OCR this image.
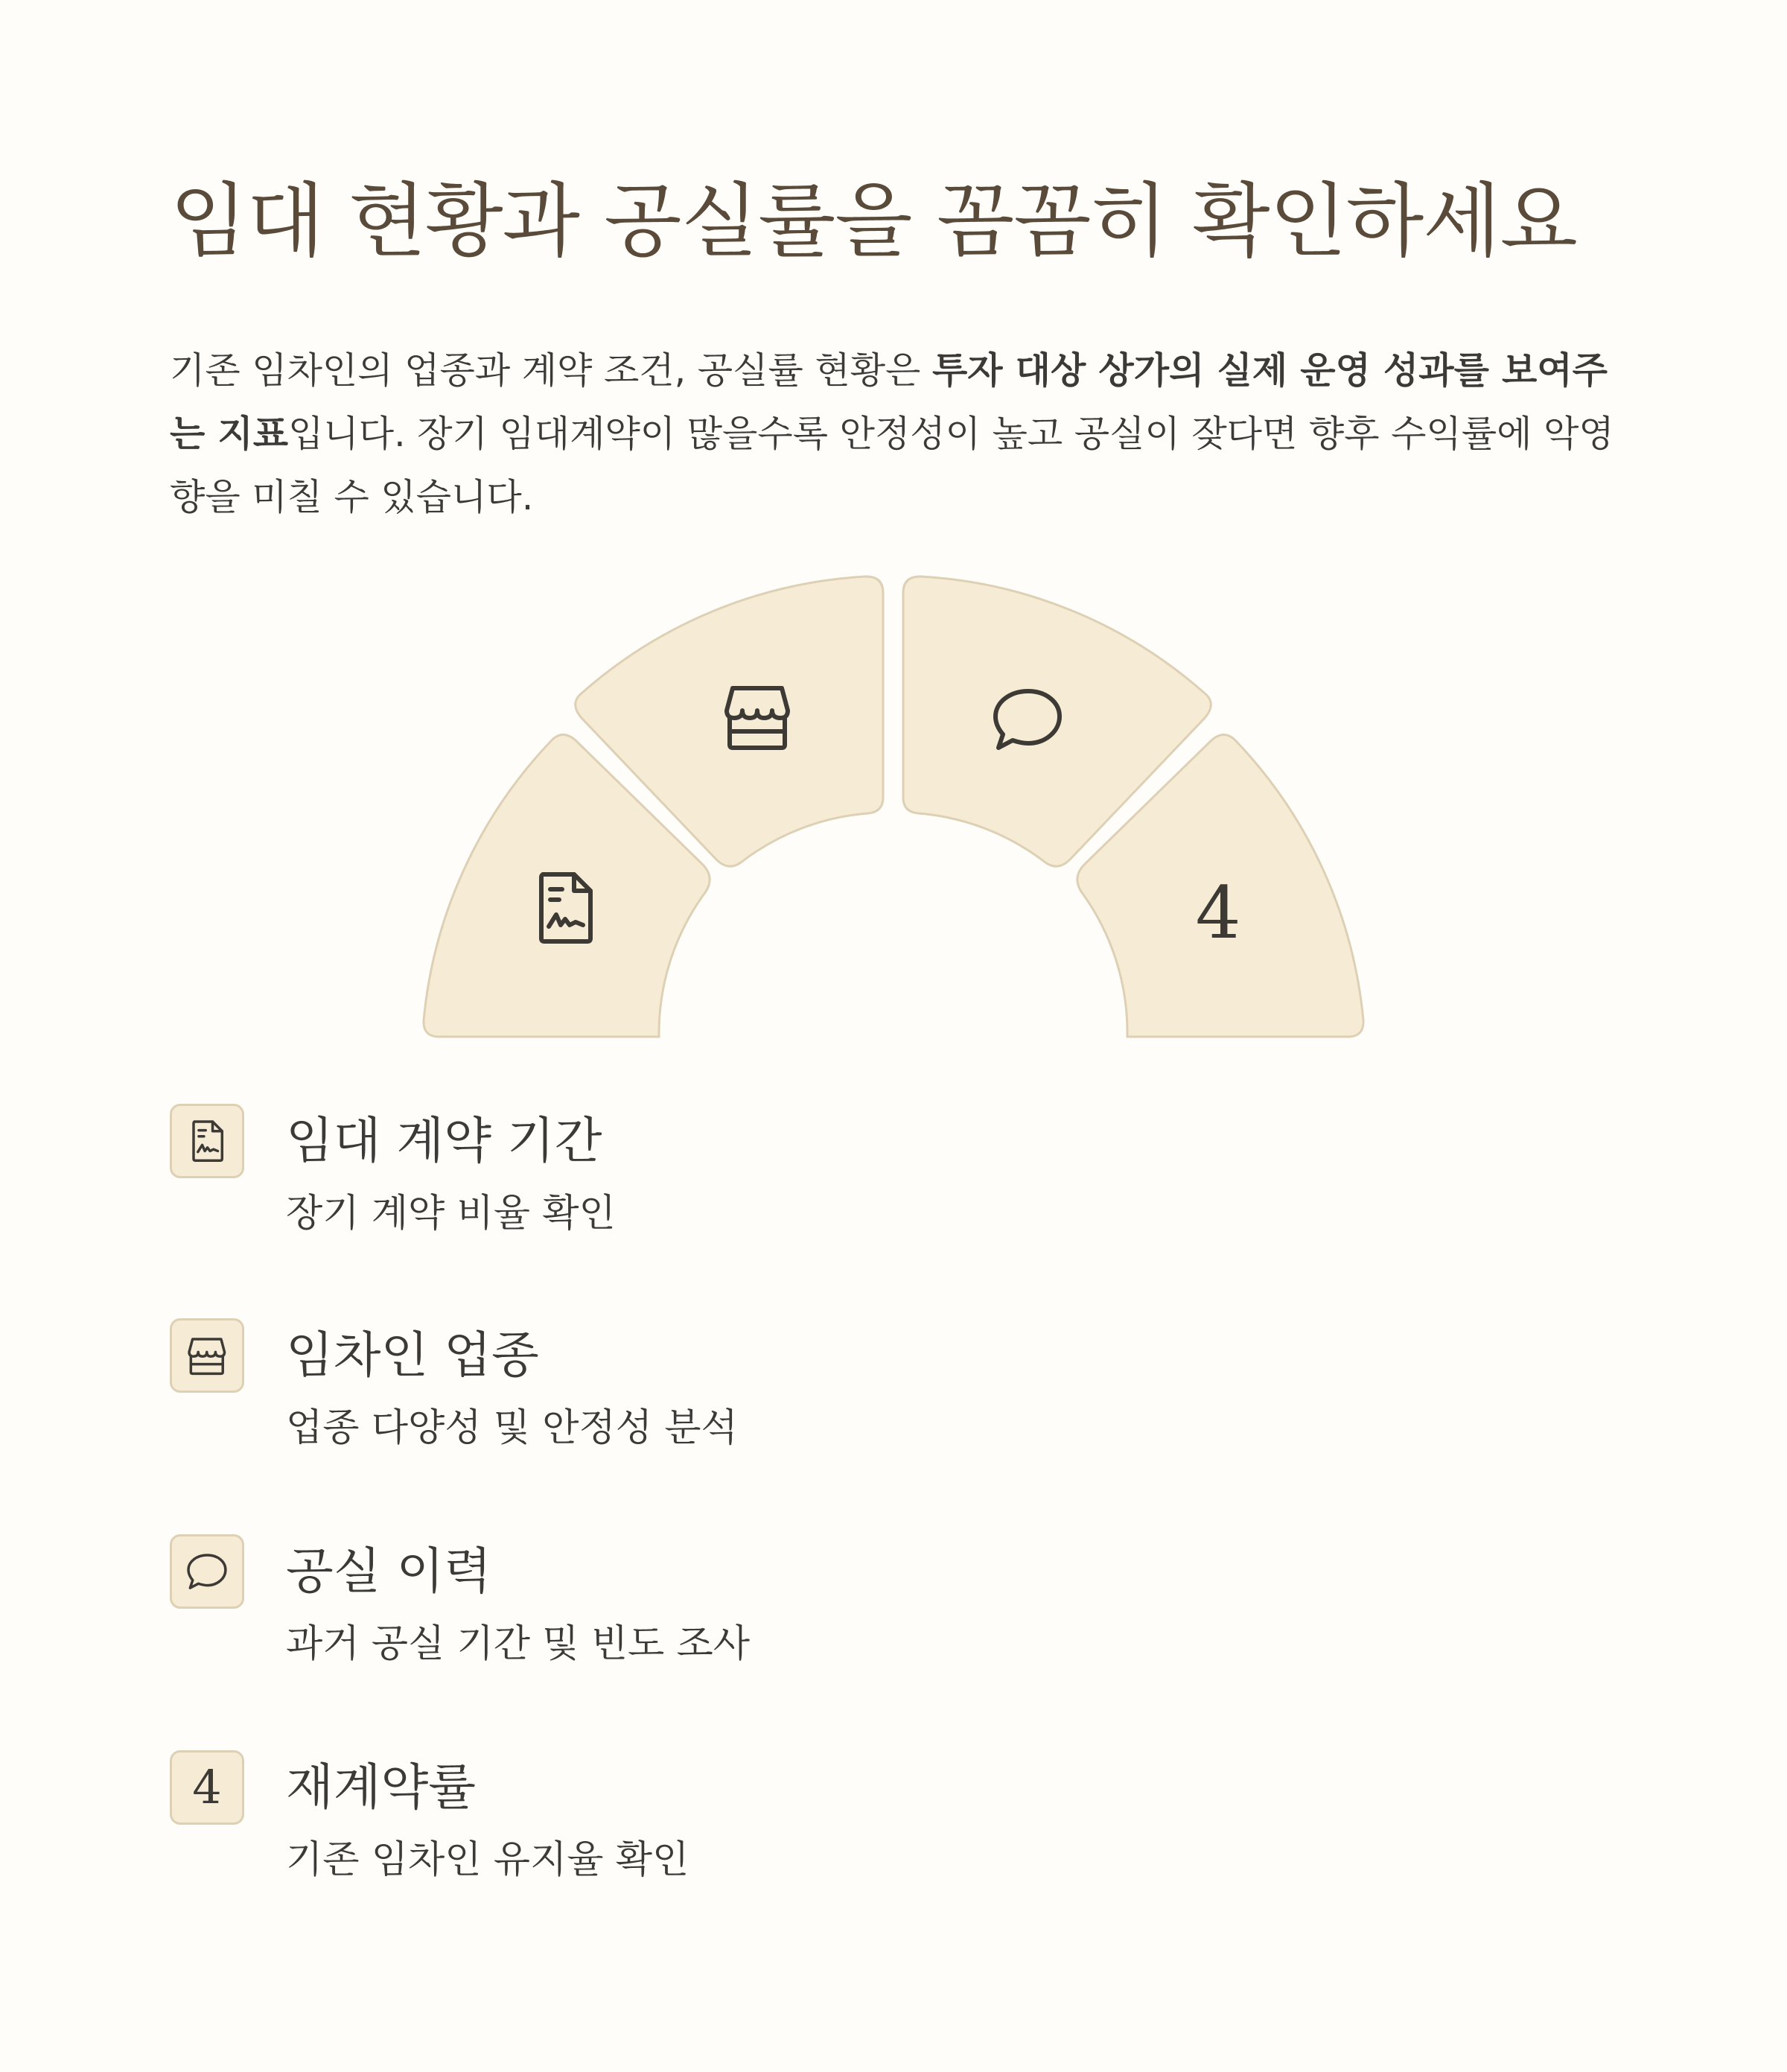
임대 현황과 공실률을 꼼꼼히 확인하세요

기존 임차인의 업종과 계약 조건, 공실률 현황은 투자 대상 상가의 실제 운영 성과를 보여주는 지표입니다. 장기 임대계약이 많을수록 안정성이 높고 공실이 잦다면 향후 수익률에 악영향을 미칠 수 있습니다.

4
임대 계약 기간

장기 계약 비율 확인

임차인 업종

업종 다양성 및 안정성 분석

공실 이력

과거 공실 기간 및 빈도 조사

4	재계약률

기존 임차인 유지율 확인
